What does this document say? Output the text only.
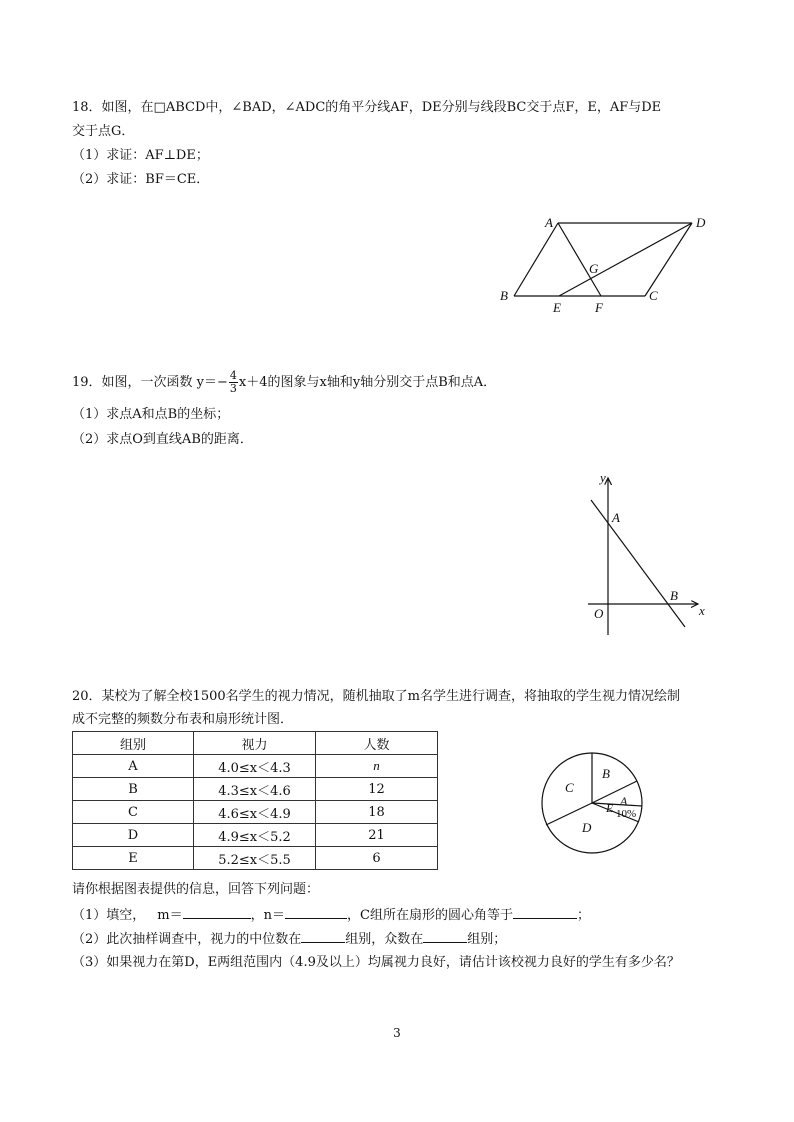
18．如图，在□ABCD中，∠BAD，∠ADC的角平分线AF，DE分别与线段BC交于点F，E，AF与DE
交于点G．
（1）求证：AF⊥DE；
（2）求证：BF＝CE．
A	D
G
B	C
E	F
19．如图，一次函数 $y=- \frac{4}{3} x+4$的图象与x轴和y轴分别交于点B和点A．
（1）求点A和点B的坐标；
（2）求点O到直线AB的距离．
y
x
A
B
O
20．某校为了解全校1500名学生的视力情况，随机抽取了m名学生进行调查，将抽取的学生视力情况绘制
成不完整的频数分布表和扇形统计图．
组别	视力	人数
A	4.0≤x＜4.3	n
B	4.3≤x＜4.6	12
C	4.6≤x＜4.9	18
D	4.9≤x＜5.2	21
E	5.2≤x＜5.5	6
B
C
A
E
D
10%
请你根据图表提供的信息，回答下列问题：
（1）填空， m＝	，n＝	，C组所在扇形的圆心角等于	；
（2）此次抽样调查中，视力的中位数在	组别，众数在	组别；
（3）如果视力在第D，E两组范围内（4.9及以上）均属视力良好，请估计该校视力良好的学生有多少名？
3
